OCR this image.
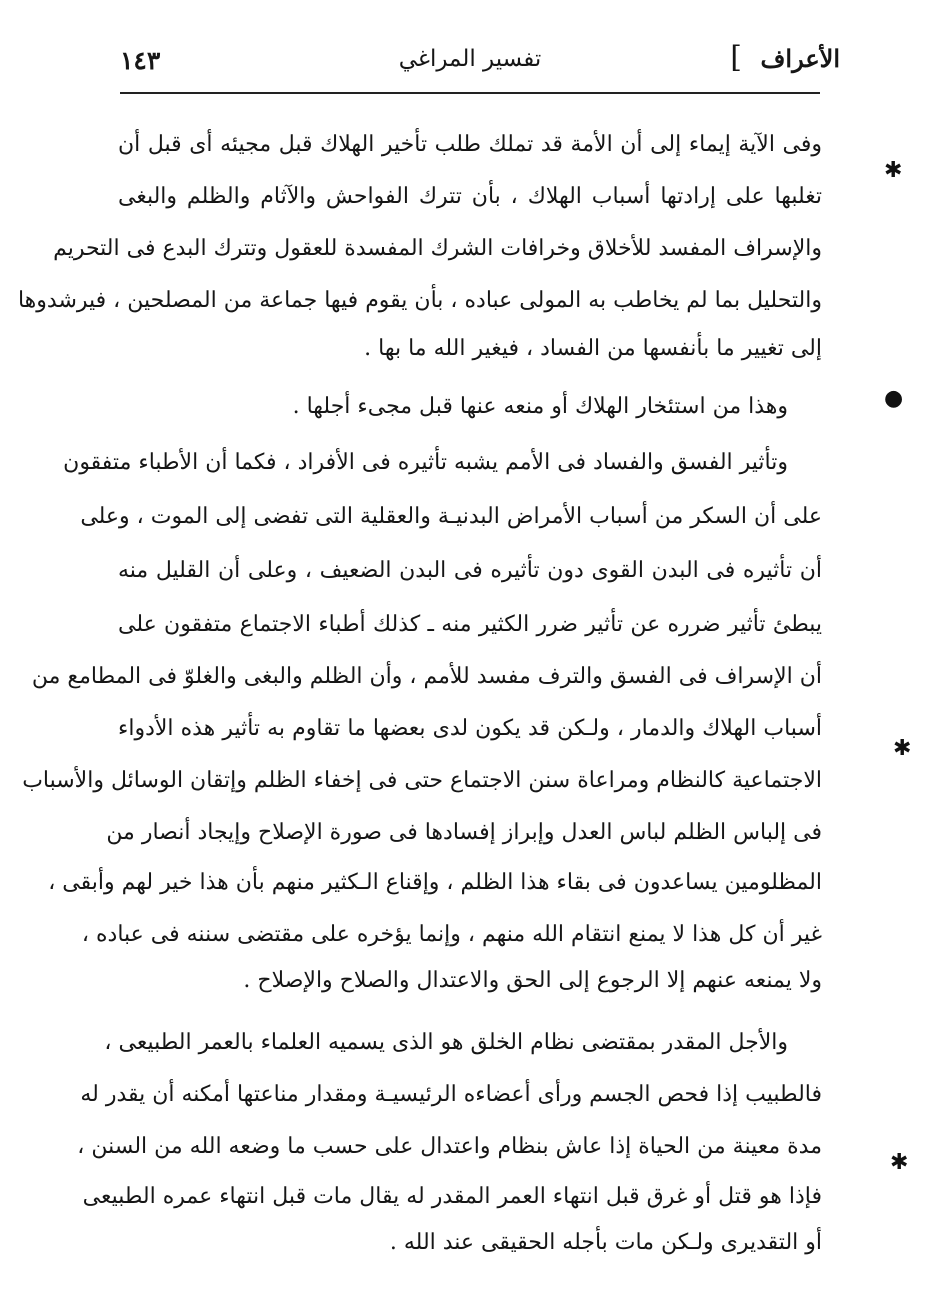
الأعراف
]
تفسير المراغي
١٤٣
وفى الآية إيماء إلى أن الأمة قد تملك طلب تأخير الهلاك قبل مجيئه أى قبل أن
تغلبها على إرادتها أسباب الهلاك ، بأن تترك الفواحش والآثام والظلم والبغى
والإسراف المفسد للأخلاق وخرافات الشرك المفسدة للعقول وتترك البدع فى التحريم
والتحليل بما لم يخاطب به المولى عباده ، بأن يقوم فيها جماعة من المصلحين ، فيرشدوها
إلى تغيير ما بأنفسها من الفساد ، فيغير الله ما بها .
وهذا من استئخار الهلاك أو منعه عنها قبل مجىء أجلها .
وتأثير الفسق والفساد فى الأمم يشبه تأثيره فى الأفراد ، فكما أن الأطباء متفقون
على أن السكر من أسباب الأمراض البدنيـة والعقلية التى تفضى إلى الموت ، وعلى
أن تأثيره فى البدن القوى دون تأثيره فى البدن الضعيف ، وعلى أن القليل منه
يبطئ تأثير ضرره عن تأثير ضرر الكثير منه ـ كذلك أطباء الاجتماع متفقون على
أن الإسراف فى الفسق والترف مفسد للأمم ، وأن الظلم والبغى والغلوّ فى المطامع من
أسباب الهلاك والدمار ، ولـكن قد يكون لدى بعضها ما تقاوم به تأثير هذه الأدواء
الاجتماعية كالنظام ومراعاة سنن الاجتماع حتى فى إخفاء الظلم وإتقان الوسائل والأسباب
فى إلباس الظلم لباس العدل وإبراز إفسادها فى صورة الإصلاح وإيجاد أنصار من
المظلومين يساعدون فى بقاء هذا الظلم ، وإقناع الـكثير منهم بأن هذا خير لهم وأبقى ،
غير أن كل هذا لا يمنع انتقام الله منهم ، وإنما يؤخره على مقتضى سننه فى عباده ،
ولا يمنعه عنهم إلا الرجوع إلى الحق والاعتدال والصلاح والإصلاح .
والأجل المقدر بمقتضى نظام الخلق هو الذى يسميه العلماء بالعمر الطبيعى ،
فالطبيب إذا فحص الجسم ورأى أعضاءه الرئيسيـة ومقدار مناعتها أمكنه أن يقدر له
مدة معينة من الحياة إذا عاش بنظام واعتدال على حسب ما وضعه الله من السنن ،
فإذا هو قتل أو غرق قبل انتهاء العمر المقدر له يقال مات قبل انتهاء عمره الطبيعى
أو التقديرى ولـكن مات بأجله الحقيقى عند الله .
✱
●
✱
✱
